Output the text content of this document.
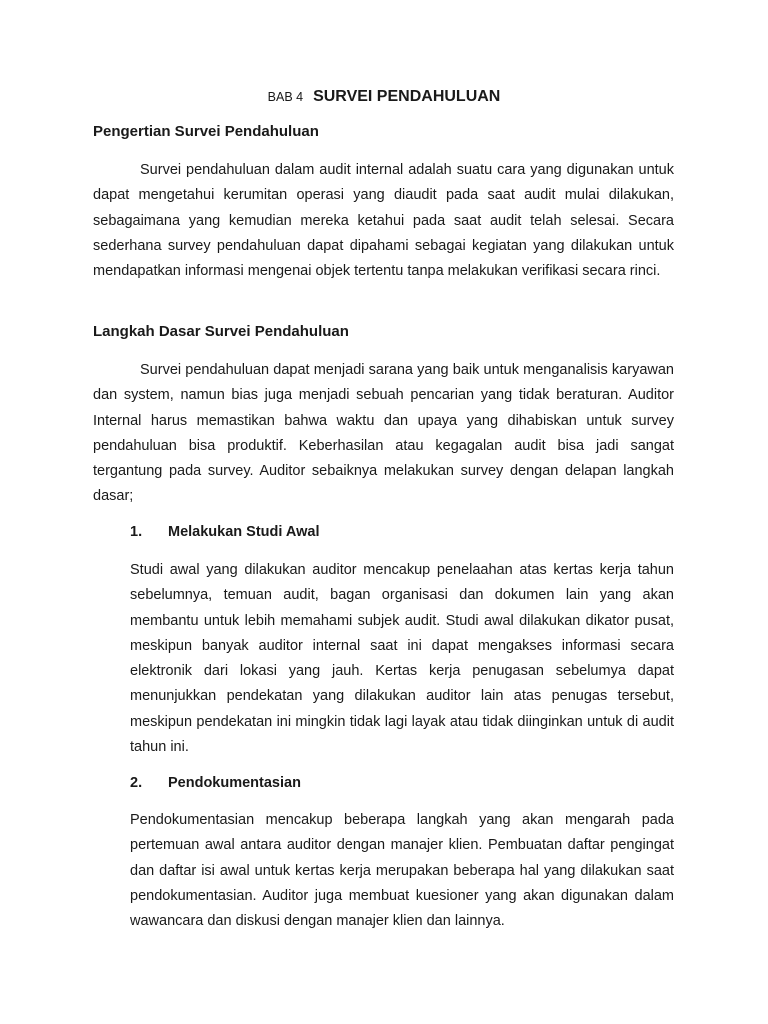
BAB 4 SURVEI PENDAHULUAN
Pengertian Survei Pendahuluan

Survei pendahuluan dalam audit internal adalah suatu cara yang digunakan untuk dapat mengetahui kerumitan operasi yang diaudit pada saat audit mulai dilakukan, sebagaimana yang kemudian mereka ketahui pada saat audit telah selesai. Secara sederhana survey pendahuluan dapat dipahami sebagai kegiatan yang dilakukan untuk mendapatkan informasi mengenai objek tertentu tanpa melakukan verifikasi secara rinci.

Langkah Dasar Survei Pendahuluan

Survei pendahuluan dapat menjadi sarana yang baik untuk menganalisis karyawan dan system, namun bias juga menjadi sebuah pencarian yang tidak beraturan. Auditor Internal harus memastikan bahwa waktu dan upaya yang dihabiskan untuk survey pendahuluan bisa produktif. Keberhasilan atau kegagalan audit bisa jadi sangat tergantung pada survey. Auditor sebaiknya melakukan survey dengan delapan langkah dasar;

1. Melakukan Studi Awal

Studi awal yang dilakukan auditor mencakup penelaahan atas kertas kerja tahun sebelumnya, temuan audit, bagan organisasi dan dokumen lain yang akan membantu untuk lebih memahami subjek audit. Studi awal dilakukan dikator pusat, meskipun banyak auditor internal saat ini dapat mengakses informasi secara elektronik dari lokasi yang jauh. Kertas kerja penugasan sebelumya dapat menunjukkan pendekatan yang dilakukan auditor lain atas penugas tersebut, meskipun pendekatan ini mingkin tidak lagi layak atau tidak diinginkan untuk di audit tahun ini.

2. Pendokumentasian

Pendokumentasian mencakup beberapa langkah yang akan mengarah pada pertemuan awal antara auditor dengan manajer klien. Pembuatan daftar pengingat dan daftar isi awal untuk kertas kerja merupakan beberapa hal yang dilakukan saat pendokumentasian. Auditor juga membuat kuesioner yang akan digunakan dalam wawancara dan diskusi dengan manajer klien dan lainnya.
